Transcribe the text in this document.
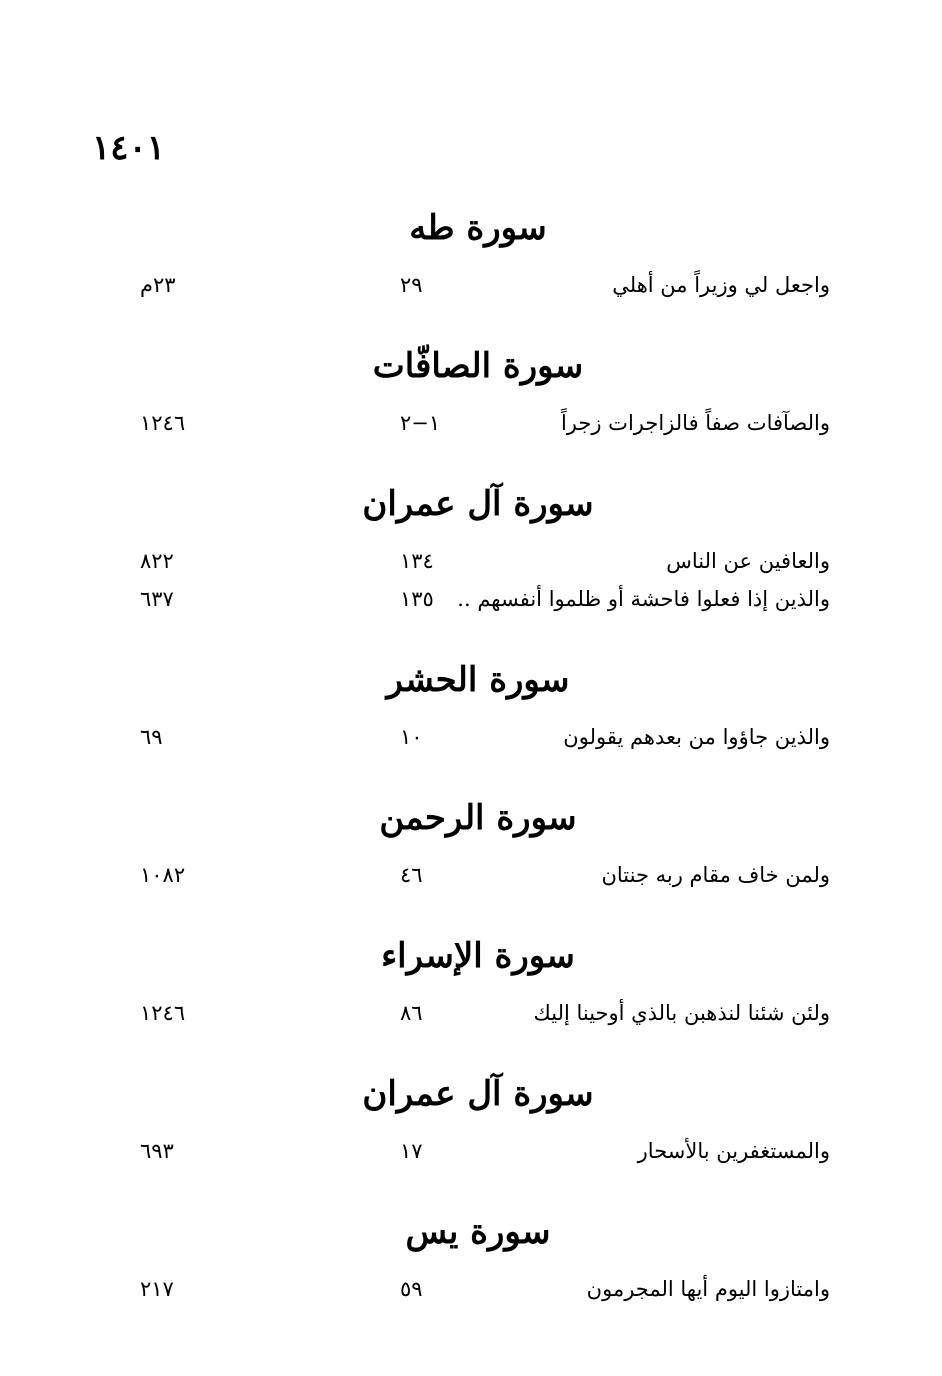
١٤٠١
سورة طه
واجعل لي وزيراً من أهلي
٢٩
٢٣م
سورة الصافّات
والصآفات صفاً فالزاجرات زجراً
١−٢
١٢٤٦
سورة آل عمران
والعافين عن الناس
١٣٤
٨٢٢
والذين إذا فعلوا فاحشة أو ظلموا أنفسهم ..
١٣٥
٦٣٧
سورة الحشر
والذين جاؤوا من بعدهم يقولون
١٠
٦٩
سورة الرحمن
ولمن خاف مقام ربه جنتان
٤٦
١٠٨٢
سورة الإسراء
ولئن شئنا لنذهبن بالذي أوحينا إليك
٨٦
١٢٤٦
سورة آل عمران
والمستغفرين بالأسحار
١٧
٦٩٣
سورة يس
وامتازوا اليوم أيها المجرمون
٥٩
٢١٧
